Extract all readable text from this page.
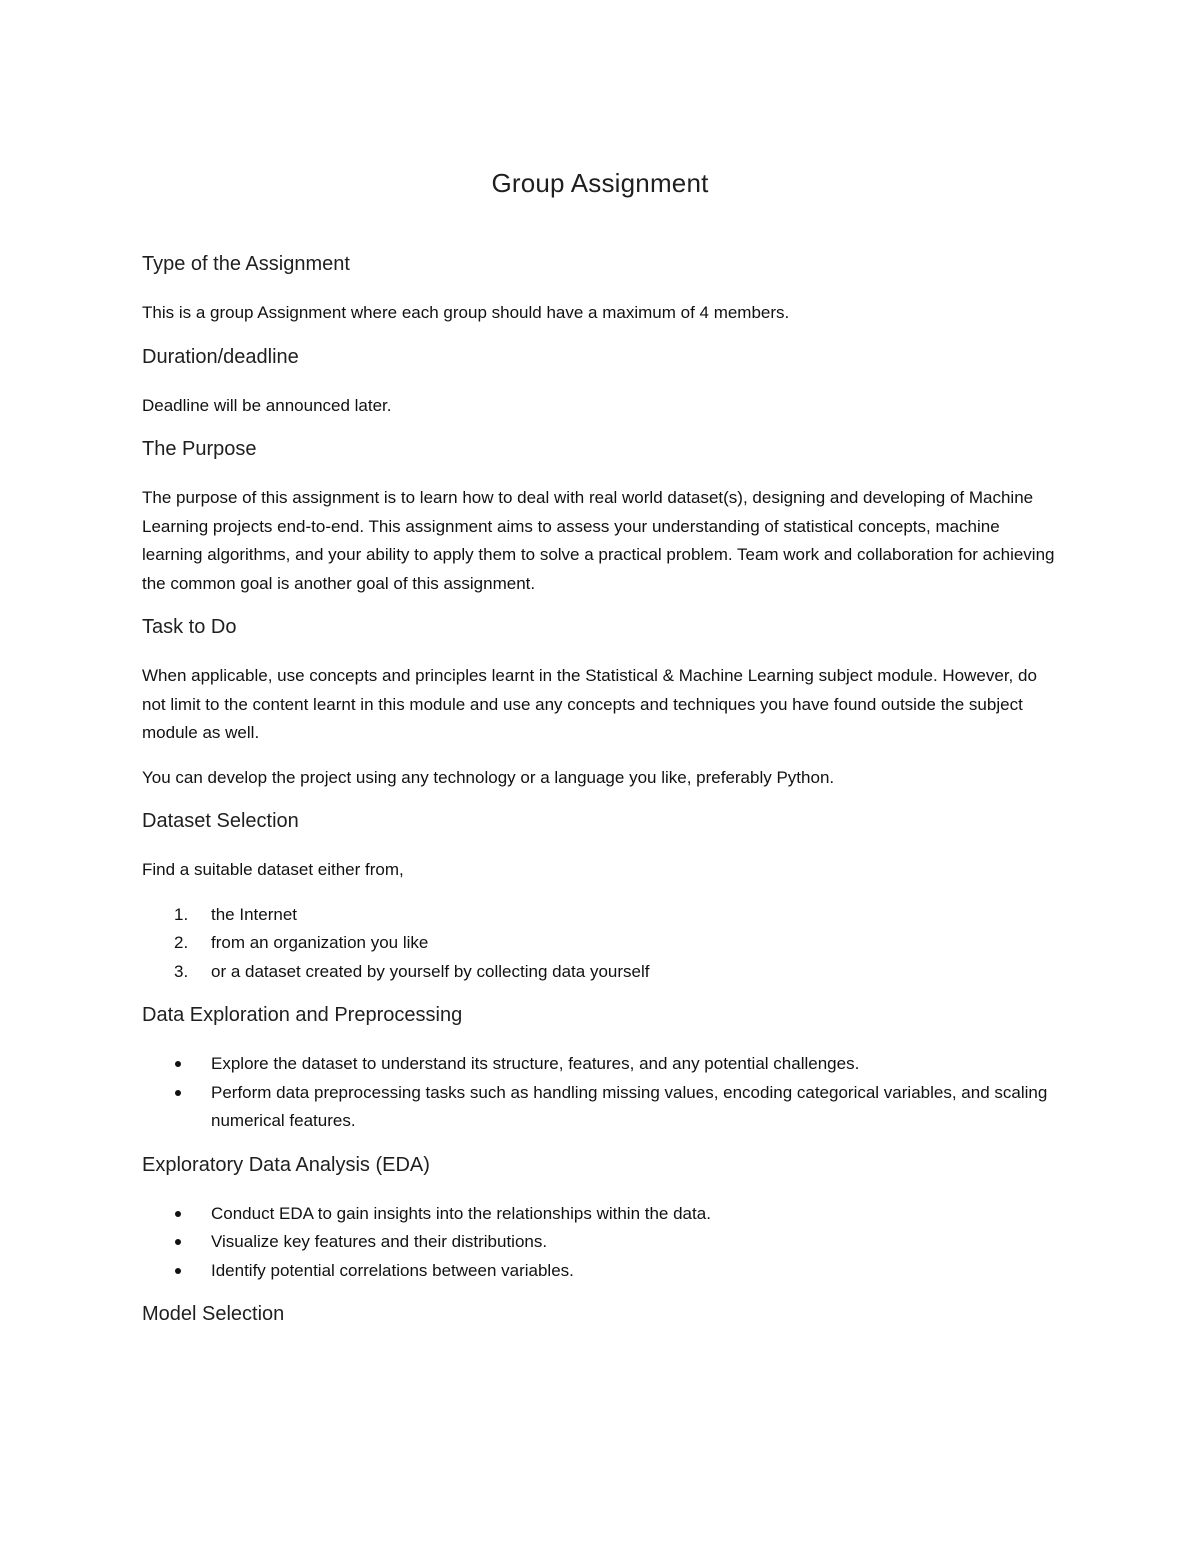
Group Assignment
Type of the Assignment
This is a group Assignment where each group should have a maximum of 4 members.
Duration/deadline
Deadline will be announced later.
The Purpose
The purpose of this assignment is to learn how to deal with real world dataset(s), designing and developing of Machine Learning projects end-to-end. This assignment aims to assess your understanding of statistical concepts, machine learning algorithms, and your ability to apply them to solve a practical problem. Team work and collaboration for achieving the common goal is another goal of this assignment.
Task to Do
When applicable, use concepts and principles learnt in the Statistical & Machine Learning subject module. However, do not limit to the content learnt in this module and use any concepts and techniques you have found outside the subject module as well.
You can develop the project using any technology or a language you like, preferably Python.
Dataset Selection
Find a suitable dataset either from,
1.	the Internet
2.	from an organization you like
3.	or a dataset created by yourself by collecting data yourself
Data Exploration and Preprocessing
Explore the dataset to understand its structure, features, and any potential challenges.
Perform data preprocessing tasks such as handling missing values, encoding categorical variables, and scaling numerical features.
Exploratory Data Analysis (EDA)
Conduct EDA to gain insights into the relationships within the data.
Visualize key features and their distributions.
Identify potential correlations between variables.
Model Selection
